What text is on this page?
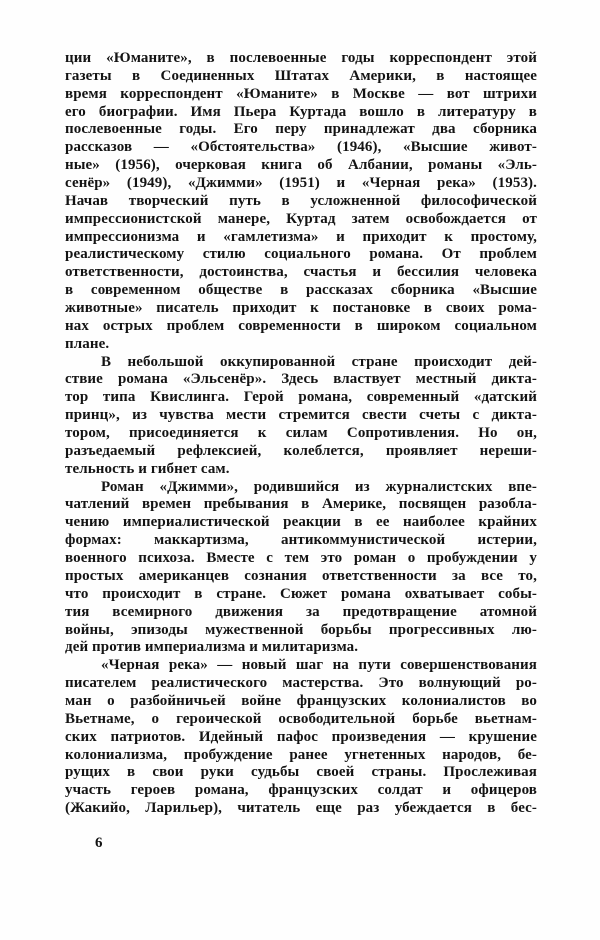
ции «Юманите», в послевоенные годы корреспондент этой
газеты в Соединенных Штатах Америки, в настоящее
время корреспондент «Юманите» в Москве — вот штрихи
его биографии. Имя Пьера Куртада вошло в литературу в
послевоенные годы. Его перу принадлежат два сборника
рассказов — «Обстоятельства» (1946), «Высшие живот-
ные» (1956), очерковая книга об Албании, романы «Эль-
сенёр» (1949), «Джимми» (1951) и «Черная река» (1953).
Начав творческий путь в усложненной философической
импрессионистской манере, Куртад затем освобождается от
импрессионизма и «гамлетизма» и приходит к простому,
реалистическому стилю социального романа. От проблем
ответственности, достоинства, счастья и бессилия человека
в современном обществе в рассказах сборника «Высшие
животные» писатель приходит к постановке в своих рома-
нах острых проблем современности в широком социальном
плане.
В небольшой оккупированной стране происходит дей-
ствие романа «Эльсенёр». Здесь властвует местный дикта-
тор типа Квислинга. Герой романа, современный «датский
принц», из чувства мести стремится свести счеты с дикта-
тором, присоединяется к силам Сопротивления. Но он,
разъедаемый рефлексией, колеблется, проявляет нереши-
тельность и гибнет сам.
Роман «Джимми», родившийся из журналистских впе-
чатлений времен пребывания в Америке, посвящен разобла-
чению империалистической реакции в ее наиболее крайних
формах: маккартизма, антикоммунистической истерии,
военного психоза. Вместе с тем это роман о пробуждении у
простых американцев сознания ответственности за все то,
что происходит в стране. Сюжет романа охватывает собы-
тия всемирного движения за предотвращение атомной
войны, эпизоды мужественной борьбы прогрессивных лю-
дей против империализма и милитаризма.
«Черная река» — новый шаг на пути совершенствования
писателем реалистического мастерства. Это волнующий ро-
ман о разбойничьей войне французских колониалистов во
Вьетнаме, о героической освободительной борьбе вьетнам-
ских патриотов. Идейный пафос произведения — крушение
колониализма, пробуждение ранее угнетенных народов, бе-
рущих в свои руки судьбы своей страны. Прослеживая
участь героев романа, французских солдат и офицеров
(Жакийо, Ларильер), читатель еще раз убеждается в бес-
6
